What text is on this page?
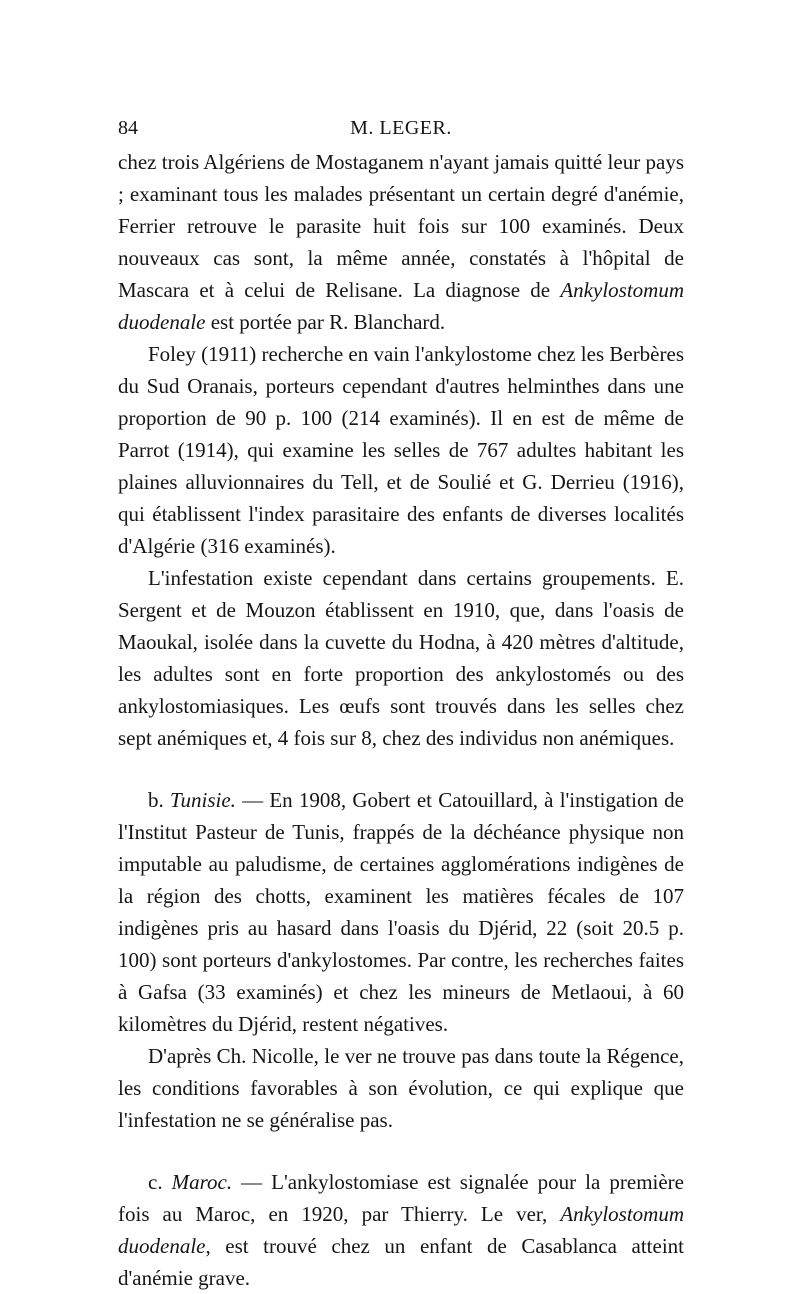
84	M. LEGER.

chez trois Algériens de Mostaganem n'ayant jamais quitté leur pays ; examinant tous les malades présentant un certain degré d'anémie, Ferrier retrouve le parasite huit fois sur 100 examinés. Deux nouveaux cas sont, la même année, constatés à l'hôpital de Mascara et à celui de Relisane. La diagnose de Ankylostomum duodenale est portée par R. Blanchard.

Foley (1911) recherche en vain l'ankylostome chez les Berbères du Sud Oranais, porteurs cependant d'autres helminthes dans une proportion de 90 p. 100 (214 examinés). Il en est de même de Parrot (1914), qui examine les selles de 767 adultes habitant les plaines alluvionnaires du Tell, et de Soulié et G. Derrieu (1916), qui établissent l'index parasitaire des enfants de diverses localités d'Algérie (316 examinés).

L'infestation existe cependant dans certains groupements. E. Sergent et de Mouzon établissent en 1910, que, dans l'oasis de Maoukal, isolée dans la cuvette du Hodna, à 420 mètres d'altitude, les adultes sont en forte proportion des ankylostomés ou des ankylostomiasiques. Les œufs sont trouvés dans les selles chez sept anémiques et, 4 fois sur 8, chez des individus non anémiques.

b. Tunisie. — En 1908, Gobert et Catouillard, à l'instigation de l'Institut Pasteur de Tunis, frappés de la déchéance physique non imputable au paludisme, de certaines agglomérations indigènes de la région des chotts, examinent les matières fécales de 107 indigènes pris au hasard dans l'oasis du Djérid, 22 (soit 20.5 p. 100) sont porteurs d'ankylostomes. Par contre, les recherches faites à Gafsa (33 examinés) et chez les mineurs de Metlaoui, à 60 kilomètres du Djérid, restent négatives.

D'après Ch. Nicolle, le ver ne trouve pas dans toute la Régence, les conditions favorables à son évolution, ce qui explique que l'infestation ne se généralise pas.

c. Maroc. — L'ankylostomiase est signalée pour la première fois au Maroc, en 1920, par Thierry. Le ver, Ankylostomum duodenale, est trouvé chez un enfant de Casablanca atteint d'anémie grave.
